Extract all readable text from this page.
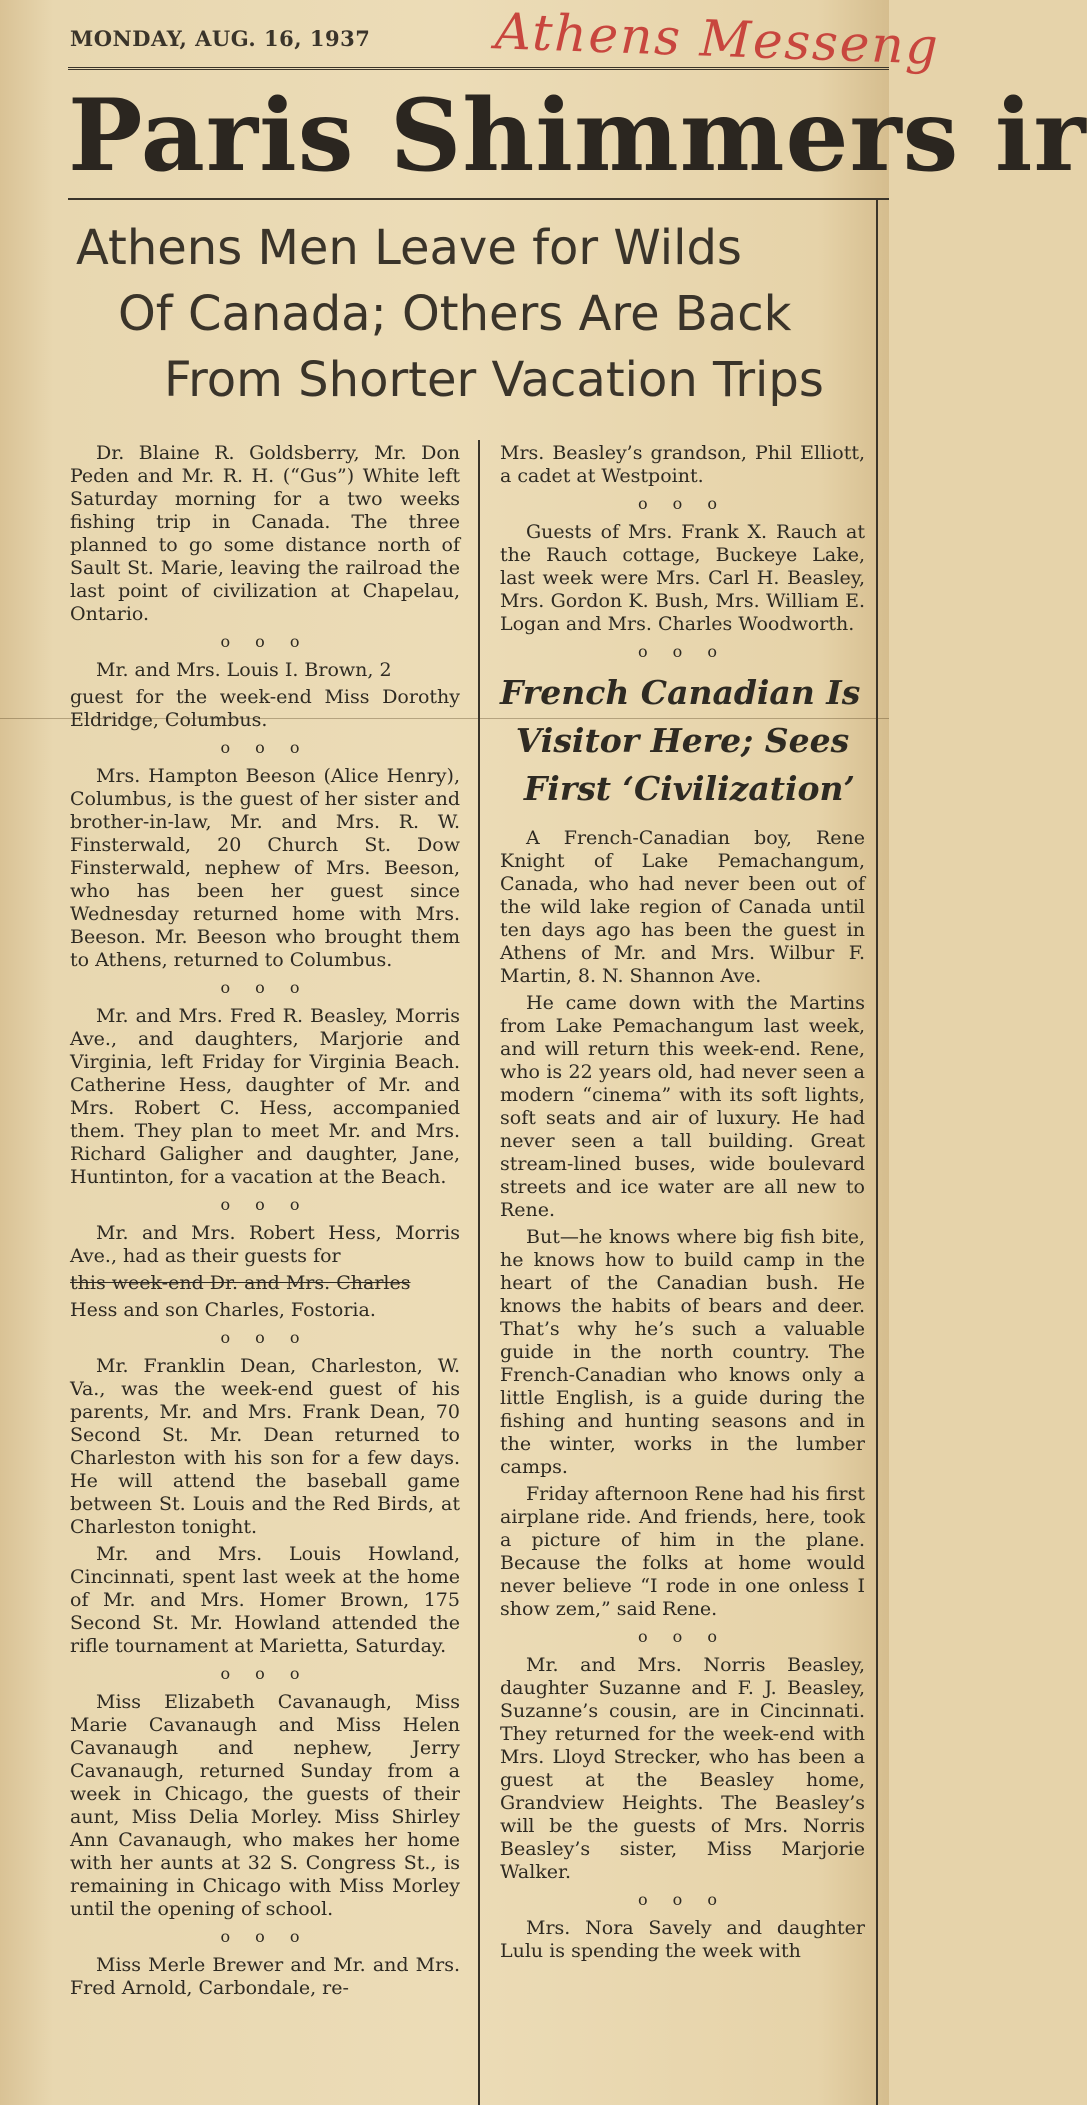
MONDAY, AUG. 16, 1937 Athens Messeng
Paris Shimmers ir
Athens Men Leave for Wilds
Of Canada; Others Are Back
From Shorter Vacation Trips

Dr. Blaine R. Goldsberry, Mr. Don Peden and Mr. R. H. (“Gus”) White left Saturday morning for a two weeks fishing trip in Canada. The three planned to go some distance north of Sault St. Marie, leaving the railroad the last point of civilization at Chapelau, Ontario.

o o o

Mr. and Mrs. Louis I. Brown, 2

guest for the week-end Miss Dorothy Eldridge, Columbus.

o o o

Mrs. Hampton Beeson (Alice Henry), Columbus, is the guest of her sister and brother-in-law, Mr. and Mrs. R. W. Finsterwald, 20 Church St. Dow Finsterwald, nephew of Mrs. Beeson, who has been her guest since Wednesday returned home with Mrs. Beeson. Mr. Beeson who brought them to Athens, returned to Columbus.

o o o

Mr. and Mrs. Fred R. Beasley, Morris Ave., and daughters, Marjorie and Virginia, left Friday for Virginia Beach. Catherine Hess, daughter of Mr. and Mrs. Robert C. Hess, accompanied them. They plan to meet Mr. and Mrs. Richard Galigher and daughter, Jane, Huntinton, for a vacation at the Beach.

o o o

Mr. and Mrs. Robert Hess, Morris Ave., had as their guests for

this week-end Dr. and Mrs. Charles

Hess and son Charles, Fostoria.

o o o

Mr. Franklin Dean, Charleston, W. Va., was the week-end guest of his parents, Mr. and Mrs. Frank Dean, 70 Second St. Mr. Dean returned to Charleston with his son for a few days. He will attend the baseball game between St. Louis and the Red Birds, at Charleston tonight.

Mr. and Mrs. Louis Howland, Cincinnati, spent last week at the home of Mr. and Mrs. Homer Brown, 175 Second St. Mr. Howland attended the rifle tournament at Marietta, Saturday.

o o o

Miss Elizabeth Cavanaugh, Miss Marie Cavanaugh and Miss Helen Cavanaugh and nephew, Jerry Cavanaugh, returned Sunday from a week in Chicago, the guests of their aunt, Miss Delia Morley. Miss Shirley Ann Cavanaugh, who makes her home with her aunts at 32 S. Congress St., is remaining in Chicago with Miss Morley until the opening of school.

o o o

Miss Merle Brewer and Mr. and Mrs. Fred Arnold, Carbondale, re-

Mrs. Beasley’s grandson, Phil Elliott, a cadet at Westpoint.

o o o

Guests of Mrs. Frank X. Rauch at the Rauch cottage, Buckeye Lake, last week were Mrs. Carl H. Beasley, Mrs. Gordon K. Bush, Mrs. William E. Logan and Mrs. Charles Woodworth.

o o o
French Canadian Is
Visitor Here; Sees
First ‘Civilization’

A French-Canadian boy, Rene Knight of Lake Pemachangum, Canada, who had never been out of the wild lake region of Canada until ten days ago has been the guest in Athens of Mr. and Mrs. Wilbur F. Martin, 8. N. Shannon Ave.

He came down with the Martins from Lake Pemachangum last week, and will return this week-end. Rene, who is 22 years old, had never seen a modern “cinema” with its soft lights, soft seats and air of luxury. He had never seen a tall building. Great stream-lined buses, wide boulevard streets and ice water are all new to Rene.

But—he knows where big fish bite, he knows how to build camp in the heart of the Canadian bush. He knows the habits of bears and deer. That’s why he’s such a valuable guide in the north country. The French-Canadian who knows only a little English, is a guide during the fishing and hunting seasons and in the winter, works in the lumber camps.

Friday afternoon Rene had his first airplane ride. And friends, here, took a picture of him in the plane. Because the folks at home would never believe “I rode in one onless I show zem,” said Rene.

o o o

Mr. and Mrs. Norris Beasley, daughter Suzanne and F. J. Beasley, Suzanne’s cousin, are in Cincinnati. They returned for the week-end with Mrs. Lloyd Strecker, who has been a guest at the Beasley home, Grandview Heights. The Beasley’s will be the guests of Mrs. Norris Beasley’s sister, Miss Marjorie Walker.

o o o

Mrs. Nora Savely and daughter Lulu is spending the week with
